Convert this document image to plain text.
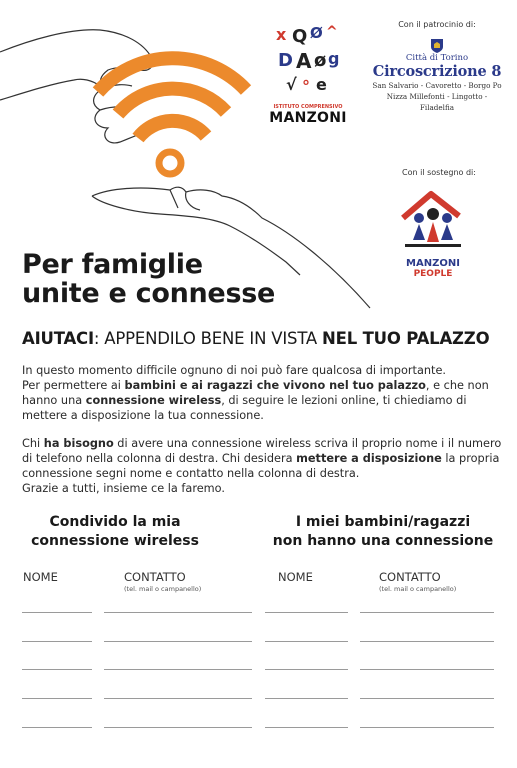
x Q Ø ^
D A ø g
√ ° e
ISTITUTO COMPRENSIVO
MANZONI
Con il patrocinio di:
Città di Torino
Circoscrizione 8
San Salvario - Cavoretto - Borgo Po
Nizza Millefonti - Lingotto - Filadelfia
Con il sostegno di:
MANZONI
PEOPLE
Per famiglie
unite e connesse
AIUTACI: APPENDILO BENE IN VISTA NEL TUO PALAZZO
In questo momento difficile ognuno di noi può fare qualcosa di importante.
Per permettere ai bambini e ai ragazzi che vivono nel tuo palazzo, e che non hanno una connessione wireless, di seguire le lezioni online, ti chiediamo di mettere a disposizione la tua connessione.
Chi ha bisogno di avere una connessione wireless scriva il proprio nome i il numero di telefono nella colonna di destra. Chi desidera mettere a disposizione la propria connessione segni nome e contatto nella colonna di destra.
Grazie a tutti, insieme ce la faremo.
Condivido la mia
connessione wireless
I miei bambini/ragazzi
non hanno una connessione
NOME	CONTATTO
(tel. mail o campanello)
NOME	CONTATTO
(tel. mail o campanello)
